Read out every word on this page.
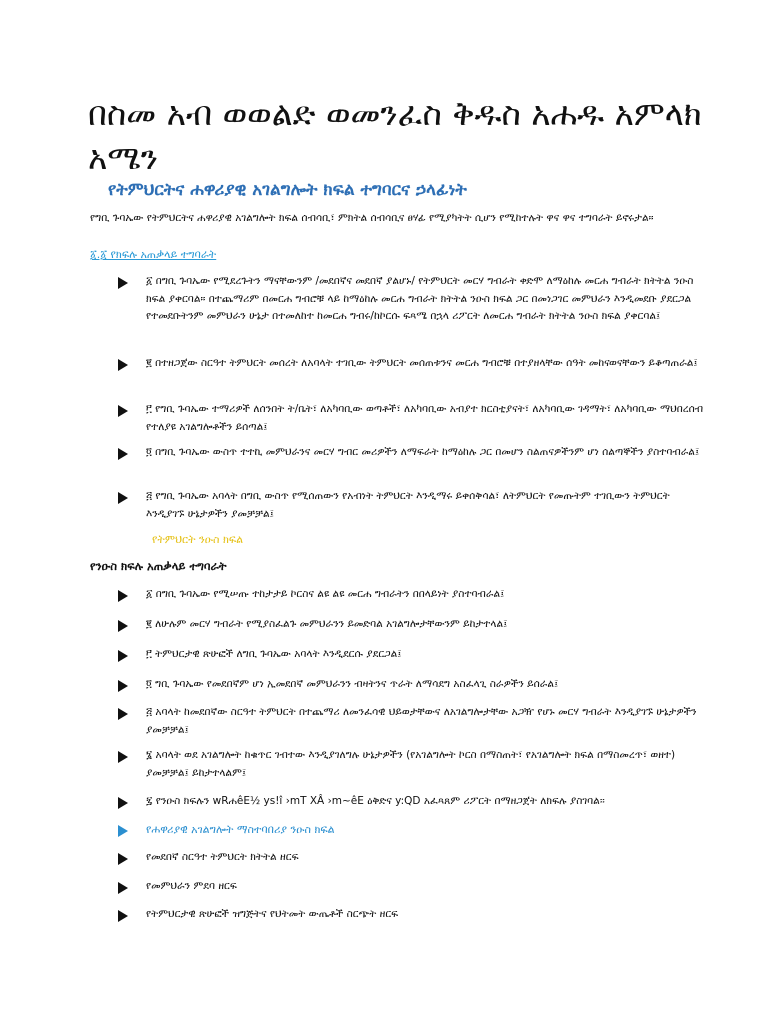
በስመ አብ ወወልድ ወመንፈስ ቅዱስ አሐዱ አምላክ አሜን
የትምህርትና ሐዋሪያዊ አገልግሎት ክፍል ተግባርና ኃላፊነት

የግቢ ጉባኤው የትምህርትና ሐዋሪያዊ አገልግሎት ክፍል ሰብሳቢ፣ ምክትል ሰብሳቢና ፀሃፊ የሚያካትት ሲሆን የሚከተሉት ዋና ዋና ተግባራት ይኖሩታል።

፩.፩ የክፍሉ አጠቃላይ ተግባራት

፩ በግቢ ጉባኤው የሚደረጉትን ማናቸውንም /መደበኛና መደበኛ ያልሆኑ/ የትምህርት መርሃ ግብራት ቀድሞ ለማዕከሉ መርሐ ግብራት ክትትል ንዑስ ክፍል ያቀርባል። በተጨማሪም በመርሐ ግብሮቹ ላይ ከማዕከሉ መርሐ ግብራት ክትትል ንዑስ ክፍል ጋር በመነጋገር መምህራን እንዲመደቡ ያደርጋል የተመደቡትንም መምህራን ሁኔታ በተመለከተ ከመርሐ ግብሩ/ከኮርሱ ፍጻሜ በኋላ ሪፖርት ለመርሐ ግብራት ክትትል ንዑስ ክፍል ያቀርባል፤

፪ በተዘጋጀው ስርዓተ ትምህርት መሰረት ለአባላት ተገቢው ትምህርት መሰጠቱንና መርሐ ግብሮቹ በተያዘላቸው ሰዓት መከናወናቸውን ይቆጣጠራል፤

፫ የግቢ ጉባኤው ተማሪዎች ለሰንበት ት/ቤት፣ ለአካባቢው ወጣቶች፣ ለአካባቢው አብያተ ክርስቲያናት፣ ለአካባቢው ገዳማት፣ ለአካባቢው ማህበረሰብ የተለያዩ አገልግሎቶችን ይሰጣል፤

፬ በግቢ ጉባኤው ውስጥ ተተኪ መምህራንና መርሃ ግብር መሪዎችን ለማፍራት ከማዕከሉ ጋር በመሆን ስልጠናዎችንም ሆነ ሰልጣኞችን ያስተባብራል፤

፭ የግቢ ጉባኤው አባላት በግቢ ውስጥ የሚሰጠውን የአብነት ትምህርት እንዲማሩ ይቀሰቅሳል፣ ለትምህርት የመጡትም ተገቢውን ትምህርት እንዲያገኙ ሁኔታዎችን ያመቻቻል፤

የትምህርት ንዑስ ክፍል
የንዑስ ክፍሉ አጠቃላይ ተግባራት

፩ በግቢ ጉባኤው የሚሠጡ ተከታታይ ኮርስና ልዩ ልዩ መርሐ ግብራትን በበላይነት ያስተባብራል፤

፪ ለሁሉም መርሃ ግብራት የሚያስፈልጉ መምህራንን ይመድባል አገልግሎታቸውንም ይከታተላል፤

፫ ትምህርታዊ ጽሁፎች ለግቢ ጉባኤው አባላት እንዲደርሱ ያደርጋል፤

፬ ግቢ ጉባኤው የመደበኛም ሆነ ኢመደበኛ መምህራንን ብዛትንና ጥራት ለማሳደግ አስፈላጊ ስራዎችን ይሰራል፤

፭ አባላት ከመደበኛው ስርዓተ ትምህርት በተጨማሪ ለመንፈሳዊ ህይወታቸውና ለአገልግሎታቸው አጋዥ የሆኑ መርሃ ግብራት እንዲያገኙ ሁኔታዎችን ያመቻቻል፤

፮ አባላት ወደ አገልግሎት ከቁጥር ገብተው እንዲያገለግሉ ሁኔታዎችን (የአገልግሎት ኮርስ በማስጠት፣ የአገልግሎት ክፍል በማስመረጥ፣ ወዘተ) ያመቻቻል፤ ይከታተላልም፤

፯ የንዑስ ክፍሉን wRሐêE½ ys!î ›mT XÂ ›m~êE ዕቅድና y:QD አፈጻጸም ሪፖርት በማዘጋጀት ለክፍሉ ያስገባል፡፡

የሐዋሪያዊ አገልግሎት ማስተባበሪያ ንዑስ ክፍል

የመደበኛ ስርዓተ ትምህርት ክትትል ዘርፍ

የመምህራን ምደባ ዘርፍ

የትምህርታዊ ጽሁፎች ዝግጅትና የህትመት ውጤቶች ስርጭት ዘርፍ
